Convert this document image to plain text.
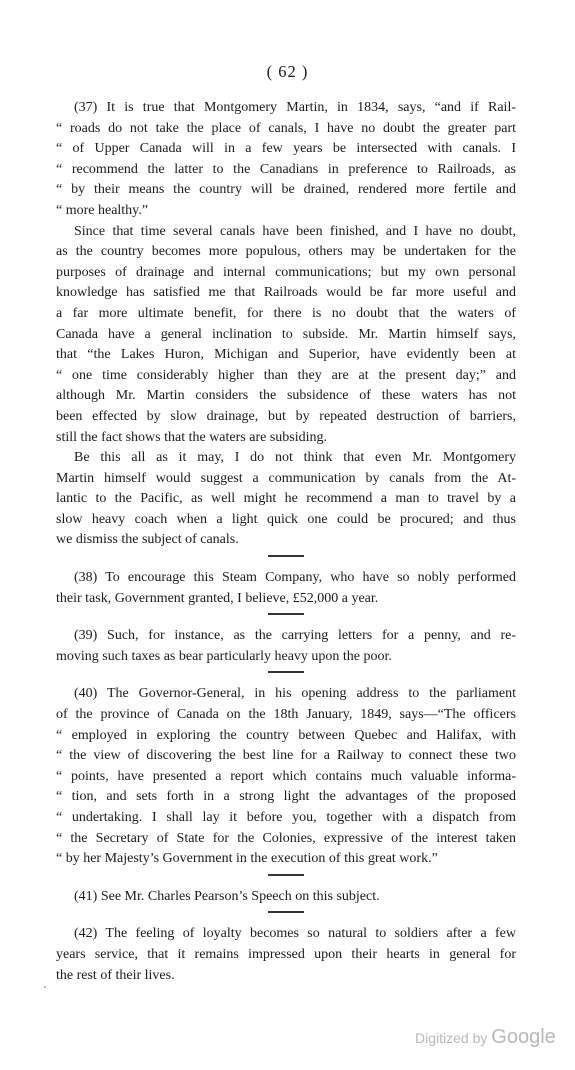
( 62 )

(37) It is true that Montgomery Martin, in 1834, says, “and if Rail-

“ roads do not take the place of canals, I have no doubt the greater part

“ of Upper Canada will in a few years be intersected with canals. I

“ recommend the latter to the Canadians in preference to Railroads, as

“ by their means the country will be drained, rendered more fertile and

“ more healthy.”

Since that time several canals have been finished, and I have no doubt,

as the country becomes more populous, others may be undertaken for the

purposes of drainage and internal communications; but my own personal

knowledge has satisfied me that Railroads would be far more useful and

a far more ultimate benefit, for there is no doubt that the waters of

Canada have a general inclination to subside. Mr. Martin himself says,

that “the Lakes Huron, Michigan and Superior, have evidently been at

“ one time considerably higher than they are at the present day;” and

although Mr. Martin considers the subsidence of these waters has not

been effected by slow drainage, but by repeated destruction of barriers,

still the fact shows that the waters are subsiding.

Be this all as it may, I do not think that even Mr. Montgomery

Martin himself would suggest a communication by canals from the At-

lantic to the Pacific, as well might he recommend a man to travel by a

slow heavy coach when a light quick one could be procured; and thus

we dismiss the subject of canals.

(38) To encourage this Steam Company, who have so nobly performed

their task, Government granted, I believe, £52,000 a year.

(39) Such, for instance, as the carrying letters for a penny, and re-

moving such taxes as bear particularly heavy upon the poor.

(40) The Governor-General, in his opening address to the parliament

of the province of Canada on the 18th January, 1849, says—“The officers

“ employed in exploring the country between Quebec and Halifax, with

“ the view of discovering the best line for a Railway to connect these two

“ points, have presented a report which contains much valuable informa-

“ tion, and sets forth in a strong light the advantages of the proposed

“ undertaking. I shall lay it before you, together with a dispatch from

“ the Secretary of State for the Colonies, expressive of the interest taken

“ by her Majesty’s Government in the execution of this great work.”

(41) See Mr. Charles Pearson’s Speech on this subject.

(42) The feeling of loyalty becomes so natural to soldiers after a few

years service, that it remains impressed upon their hearts in general for

the rest of their lives.

Digitized by Google
